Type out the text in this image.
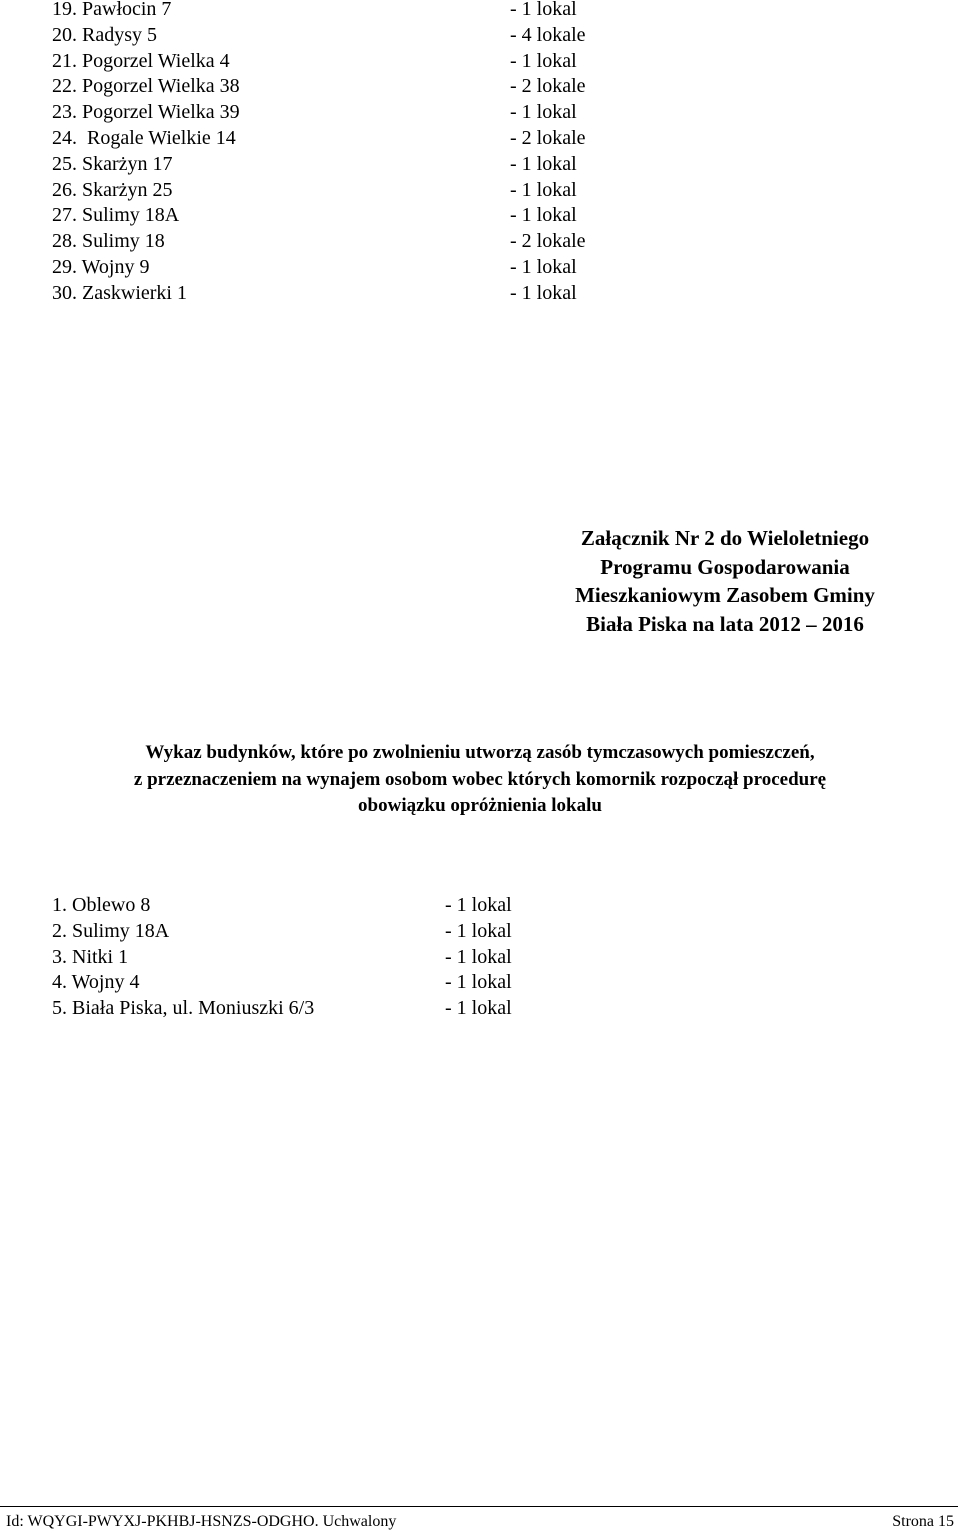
19. Pawłocin 7	- 1 lokal
20. Radysy 5	- 4 lokale
21. Pogorzel Wielka 4	- 1 lokal
22. Pogorzel Wielka 38	- 2 lokale
23. Pogorzel Wielka 39	- 1 lokal
24.  Rogale Wielkie 14	- 2 lokale
25. Skarżyn 17	- 1 lokal
26. Skarżyn 25	- 1 lokal
27. Sulimy 18A	- 1 lokal
28. Sulimy 18	- 2 lokale
29. Wojny 9	- 1 lokal
30. Zaskwierki 1	- 1 lokal
Załącznik Nr 2 do Wieloletniego
Programu Gospodarowania
Mieszkaniowym Zasobem Gminy
Biała Piska na lata 2012 – 2016
Wykaz budynków, które po zwolnieniu utworzą zasób tymczasowych pomieszczeń,
z przeznaczeniem na wynajem osobom wobec których komornik rozpoczął procedurę
obowiązku opróżnienia lokalu
1. Oblewo 8	- 1 lokal
2. Sulimy 18A	- 1 lokal
3. Nitki 1	- 1 lokal
4. Wojny 4	- 1 lokal
5. Biała Piska, ul. Moniuszki 6/3	- 1 lokal
Id: WQYGI-PWYXJ-PKHBJ-HSNZS-ODGHO. Uchwalony	Strona 15
